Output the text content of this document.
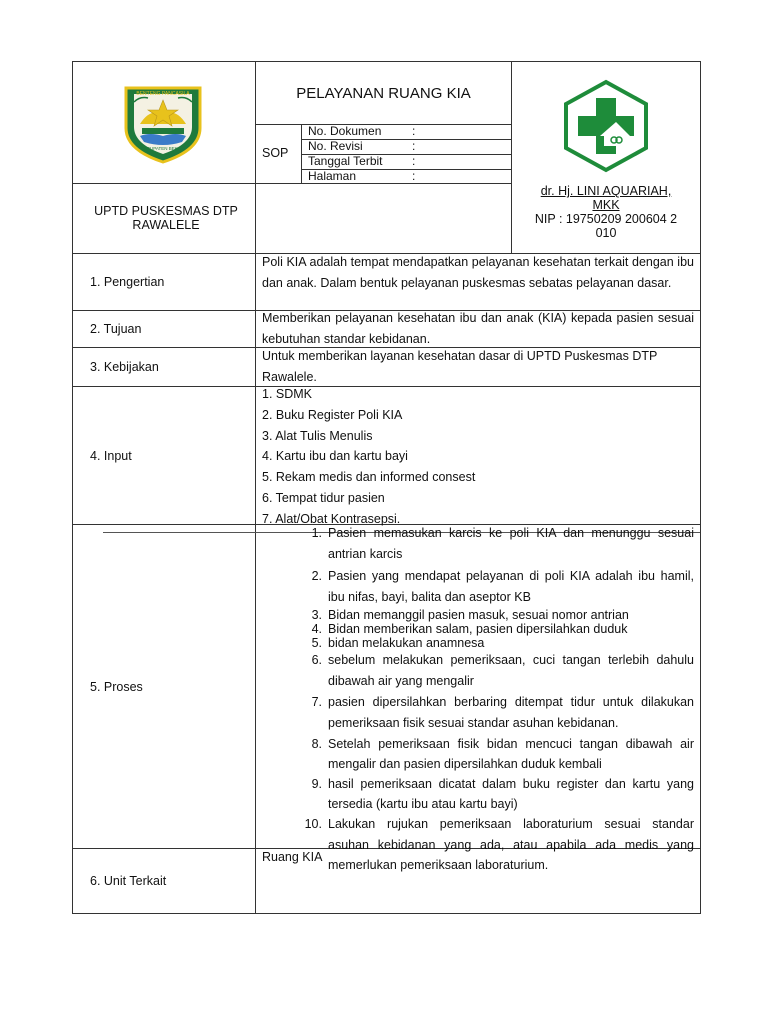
BENTENG PANCASILA
KABUPATEN BEKASI
PELAYANAN RUANG KIA
SOP
No. Dokumen	:
No. Revisi	:
Tanggal Terbit :
Halaman	:
UPTD PUSKESMAS DTP
RAWALELE
dr. Hj. LINI AQUARIAH, MKK
NIP : 19750209 200604 2 010
1. Pengertian

Poli KIA adalah tempat mendapatkan pelayanan kesehatan terkait dengan ibu dan anak. Dalam bentuk pelayanan puskesmas sebatas pelayanan dasar.

2. Tujuan

Memberikan pelayanan kesehatan ibu dan anak (KIA) kepada pasien sesuai kebutuhan standar kebidanan.

3. Kebijakan

Untuk memberikan layanan kesehatan dasar di UPTD Puskesmas DTP Rawalele.

4. Input
1. SDMK
2. Buku Register Poli KIA
3. Alat Tulis Menulis
4. Kartu ibu dan kartu bayi
5. Rekam medis dan informed consest
6. Tempat tidur pasien
7. Alat/Obat Kontrasepsi.
5. Proses
1. Pasien memasukan karcis ke poli KIA dan menunggu sesuai antrian karcis
2. Pasien yang mendapat pelayanan di poli KIA adalah ibu hamil, ibu nifas, bayi, balita dan aseptor KB
3. Bidan memanggil pasien masuk, sesuai nomor antrian
4. Bidan memberikan salam, pasien dipersilahkan duduk
5. bidan melakukan anamnesa
6. sebelum melakukan pemeriksaan, cuci tangan terlebih dahulu dibawah air yang mengalir
7. pasien dipersilahkan berbaring ditempat tidur untuk dilakukan pemeriksaan fisik sesuai standar asuhan kebidanan.
8. Setelah pemeriksaan fisik bidan mencuci tangan dibawah air mengalir dan pasien dipersilahkan duduk kembali
9. hasil pemeriksaan dicatat dalam buku register dan kartu yang tersedia (kartu ibu atau kartu bayi)
10. Lakukan rujukan pemeriksaan laboraturium sesuai standar asuhan kebidanan yang ada, atau apabila ada medis yang memerlukan pemeriksaan laboraturium.
6. Unit Terkait

Ruang KIA
